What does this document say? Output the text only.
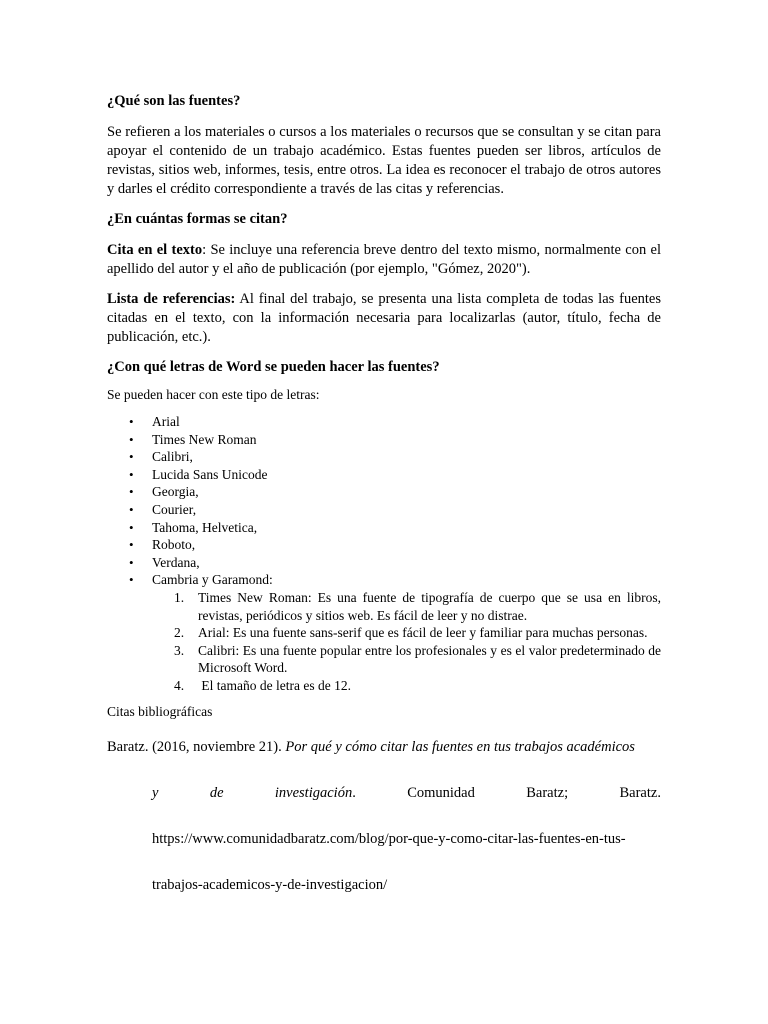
¿Qué son las fuentes?
Se refieren a los materiales o cursos a los materiales o recursos que se consultan y se citan para apoyar el contenido de un trabajo académico. Estas fuentes pueden ser libros, artículos de revistas, sitios web, informes, tesis, entre otros. La idea es reconocer el trabajo de otros autores y darles el crédito correspondiente a través de las citas y referencias.
¿En cuántas formas se citan?
Cita en el texto: Se incluye una referencia breve dentro del texto mismo, normalmente con el apellido del autor y el año de publicación (por ejemplo, "Gómez, 2020").
Lista de referencias: Al final del trabajo, se presenta una lista completa de todas las fuentes citadas en el texto, con la información necesaria para localizarlas (autor, título, fecha de publicación, etc.).
¿Con qué letras de Word se pueden hacer las fuentes?
Se pueden hacer con este tipo de letras:
• Arial
• Times New Roman
• Calibri,
• Lucida Sans Unicode
• Georgia,
• Courier,
• Tahoma, Helvetica,
• Roboto,
• Verdana,
• Cambria y Garamond:
1. Times New Roman: Es una fuente de tipografía de cuerpo que se usa en libros, revistas, periódicos y sitios web. Es fácil de leer y no distrae.
2. Arial: Es una fuente sans-serif que es fácil de leer y familiar para muchas personas.
3. Calibri: Es una fuente popular entre los profesionales y es el valor predeterminado de Microsoft Word.
4. El tamaño de letra es de 12.
Citas bibliográficas
Baratz. (2016, noviembre 21). Por qué y cómo citar las fuentes en tus trabajos académicos
y	de	investigación.	Comunidad	Baratz;	Baratz.
https://www.comunidadbaratz.com/blog/por-que-y-como-citar-las-fuentes-en-tus-
trabajos-academicos-y-de-investigacion/
